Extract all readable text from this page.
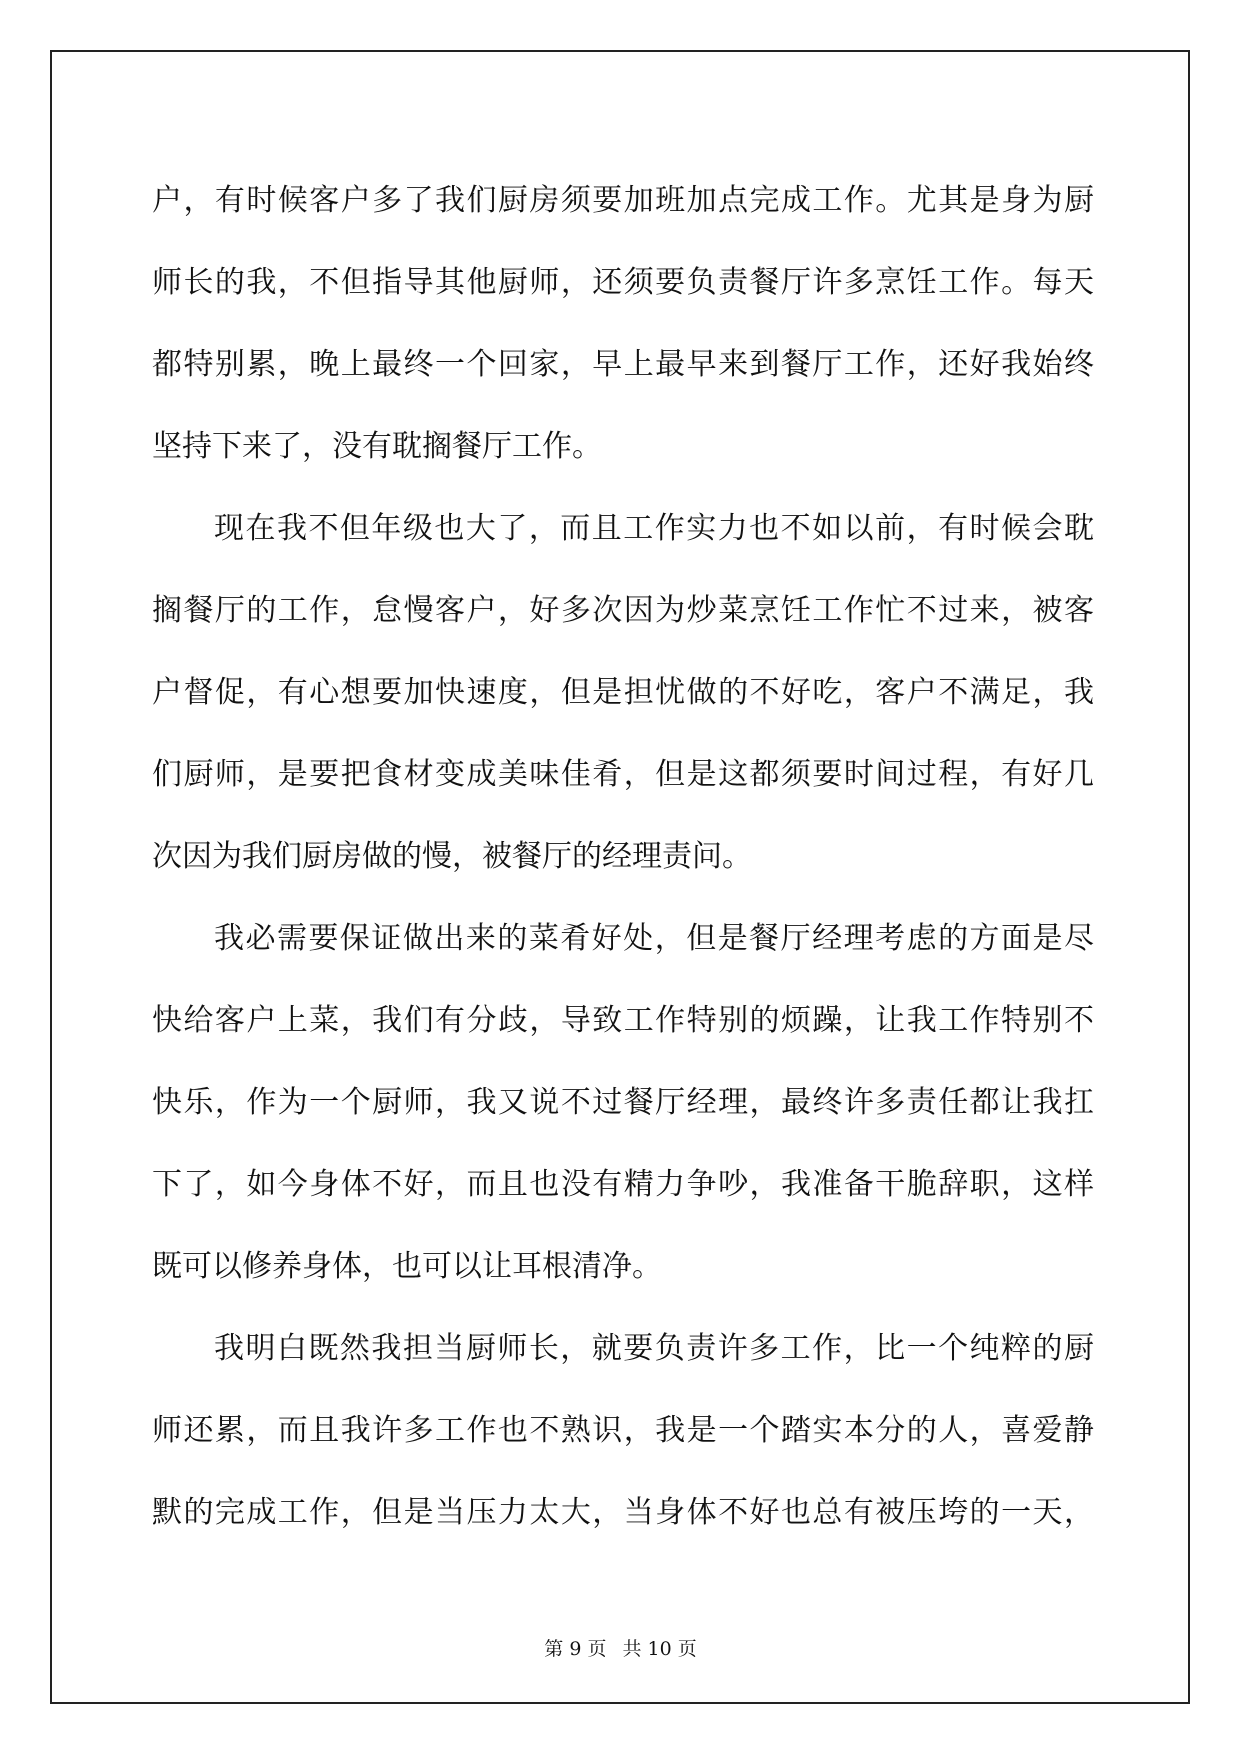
户，有时候客户多了我们厨房须要加班加点完成工作。尤其是身为厨
师长的我，不但指导其他厨师，还须要负责餐厅许多烹饪工作。每天
都特别累，晚上最终一个回家，早上最早来到餐厅工作，还好我始终
坚持下来了，没有耽搁餐厅工作。
现在我不但年级也大了，而且工作实力也不如以前，有时候会耽
搁餐厅的工作，怠慢客户，好多次因为炒菜烹饪工作忙不过来，被客
户督促，有心想要加快速度，但是担忧做的不好吃，客户不满足，我
们厨师，是要把食材变成美味佳肴，但是这都须要时间过程，有好几
次因为我们厨房做的慢，被餐厅的经理责问。
我必需要保证做出来的菜肴好处，但是餐厅经理考虑的方面是尽
快给客户上菜，我们有分歧，导致工作特别的烦躁，让我工作特别不
快乐，作为一个厨师，我又说不过餐厅经理，最终许多责任都让我扛
下了，如今身体不好，而且也没有精力争吵，我准备干脆辞职，这样
既可以修养身体，也可以让耳根清净。
我明白既然我担当厨师长，就要负责许多工作，比一个纯粹的厨
师还累，而且我许多工作也不熟识，我是一个踏实本分的人，喜爱静
默的完成工作，但是当压力太大，当身体不好也总有被压垮的一天，
第 9 页 共 10 页
